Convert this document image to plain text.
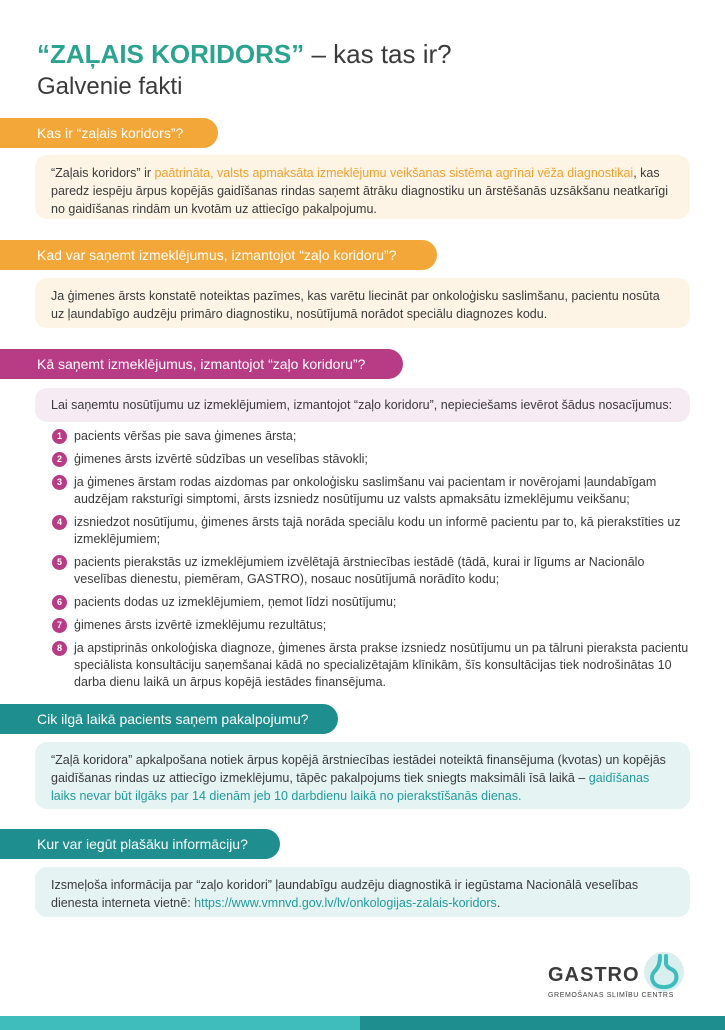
“ZAĻAIS KORIDORS” – kas tas ir?
Galvenie fakti
Kas ir “zaļais koridors”?
“Zaļais koridors” ir paātrināta, valsts apmaksāta izmeklējumu veikšanas sistēma agrīnai vēža diagnostikai, kas paredz iespēju ārpus kopējās gaidīšanas rindas saņemt ātrāku diagnostiku un ārstēšanās uzsākšanu neatkarīgi no gaidīšanas rindām un kvotām uz attiecīgo pakalpojumu.
Kad var saņemt izmeklējumus, izmantojot “zaļo koridoru”?
Ja ģimenes ārsts konstatē noteiktas pazīmes, kas varētu liecināt par onkoloģisku saslimšanu, pacientu nosūta uz ļaundabīgo audzēju primāro diagnostiku, nosūtījumā norādot speciālu diagnozes kodu.
Kā saņemt izmeklējumus, izmantojot “zaļo koridoru”?
Lai saņemtu nosūtījumu uz izmeklējumiem, izmantojot “zaļo koridoru”, nepieciešams ievērot šādus nosacījumus:
1 pacients vēršas pie sava ģimenes ārsta;
2 ģimenes ārsts izvērtē sūdzības un veselības stāvokli;
3 ja ģimenes ārstam rodas aizdomas par onkoloģisku saslimšanu vai pacientam ir novērojami ļaundabīgam audzējam raksturīgi simptomi, ārsts izsniedz nosūtījumu uz valsts apmaksātu izmeklējumu veikšanu;
4 izsniedzot nosūtījumu, ģimenes ārsts tajā norāda speciālu kodu un informē pacientu par to, kā pierakstīties uz izmeklējumiem;
5 pacients pierakstās uz izmeklējumiem izvēlētajā ārstniecības iestādē (tādā, kurai ir līgums ar Nacionālo veselības dienestu, piemēram, GASTRO), nosauc nosūtījumā norādīto kodu;
6 pacients dodas uz izmeklējumiem, ņemot līdzi nosūtījumu;
7 ģimenes ārsts izvērtē izmeklējumu rezultātus;
8 ja apstiprinās onkoloģiska diagnoze, ģimenes ārsta prakse izsniedz nosūtījumu un pa tālruni pieraksta pacientu speciālista konsultāciju saņemšanai kādā no specializētajām klīnikām, šīs konsultācijas tiek nodrošinātas 10 darba dienu laikā un ārpus kopējā iestādes finansējuma.
Cik ilgā laikā pacients saņem pakalpojumu?
“Zaļā koridora” apkalpošana notiek ārpus kopējā ārstniecības iestādei noteiktā finansējuma (kvotas) un kopējās gaidīšanas rindas uz attiecīgo izmeklējumu, tāpēc pakalpojums tiek sniegts maksimāli īsā laikā – gaidīšanas laiks nevar būt ilgāks par 14 dienām jeb 10 darbdienu laikā no pierakstīšanās dienas.
Kur var iegūt plašāku informāciju?
Izsmeļoša informācija par “zaļo koridori” ļaundabīgu audzēju diagnostikā ir iegūstama Nacionālā veselības dienesta interneta vietnē: https://www.vmnvd.gov.lv/lv/onkologijas-zalais-koridors.
GASTRO
GREMOŠANAS SLIMĪBU CENTRS
